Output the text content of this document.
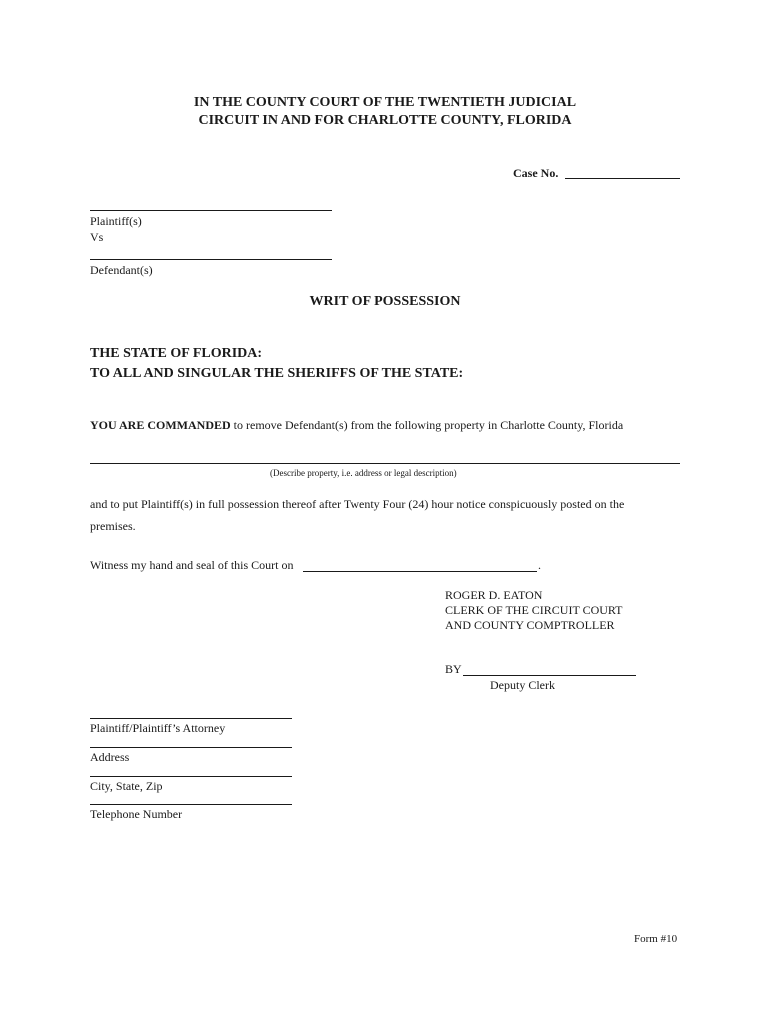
IN THE COUNTY COURT OF THE TWENTIETH JUDICIAL
CIRCUIT IN AND FOR CHARLOTTE COUNTY, FLORIDA
Case No.
Plaintiff(s)
Vs
Defendant(s)
WRIT OF POSSESSION
THE STATE OF FLORIDA:
TO ALL AND SINGULAR THE SHERIFFS OF THE STATE:
YOU ARE COMMANDED to remove Defendant(s) from the following property in Charlotte County, Florida
(Describe property, i.e. address or legal description)
and to put Plaintiff(s) in full possession thereof after Twenty Four (24) hour notice conspicuously posted on the
premises.
Witness my hand and seal of this Court on	.
ROGER D. EATON
CLERK OF THE CIRCUIT COURT
AND COUNTY COMPTROLLER
BY
Deputy Clerk
Plaintiff/Plaintiff’s Attorney
Address
City, State, Zip
Telephone Number
Form #10
